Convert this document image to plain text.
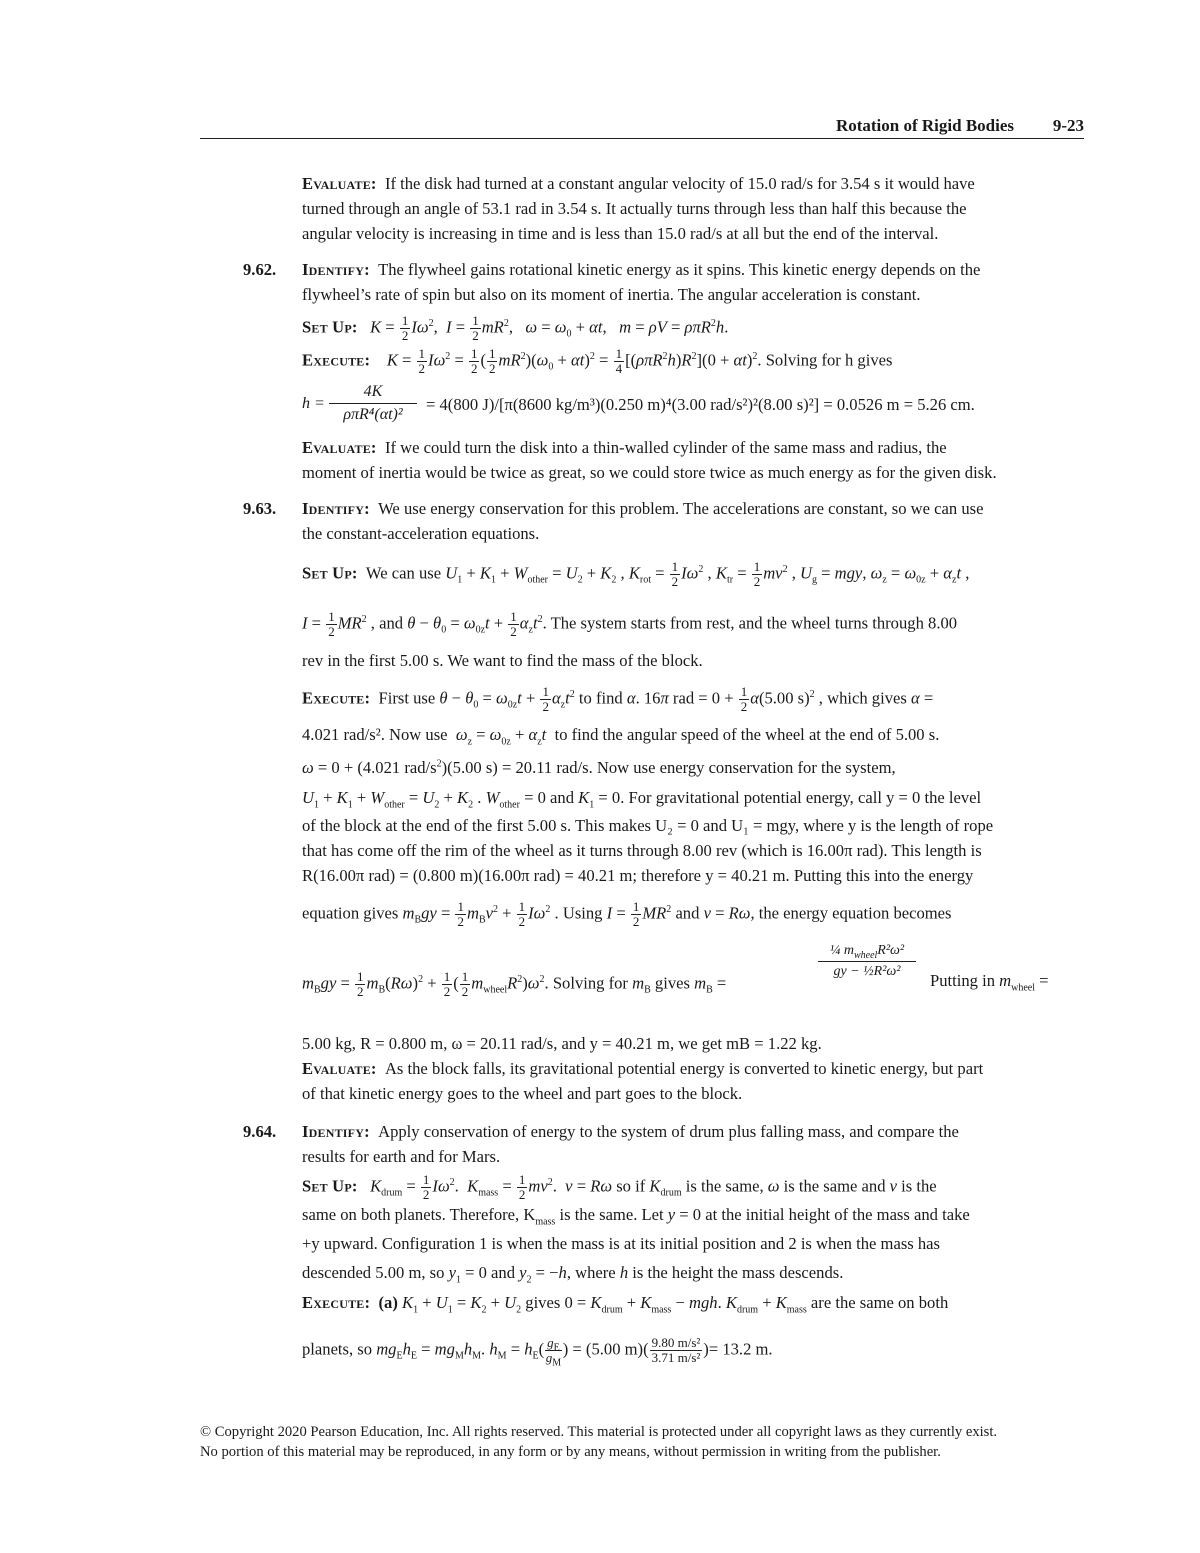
Rotation of Rigid Bodies 9-23
Evaluate: If the disk had turned at a constant angular velocity of 15.0 rad/s for 3.54 s it would have
turned through an angle of 53.1 rad in 3.54 s. It actually turns through less than half this because the
angular velocity is increasing in time and is less than 15.0 rad/s at all but the end of the interval.
9.62. Identify: The flywheel gains rotational kinetic energy as it spins. This kinetic energy depends on the
flywheel’s rate of spin but also on its moment of inertia. The angular acceleration is constant.
Set Up: $K = \frac{1}{2} I\omega^2$,  $I = \frac{1}{2} mR^2$,   $\omega = \omega_0 + \alpha t$,   m = ρV = ρπR$^2$h.
Execute: $K = \frac{1}{2} I\omega^2 = \frac{1}{2}$ ( $\frac{1}{2} mR^2)(\omega_0 + \alpha t)^2 = \frac{1}{4} [(\rho\pi R^2h)R^2](0 + \alpha t)^2$. Solving for h gives
h =
4K
ρπR⁴(αt)²
= 4(800 J)/[π(8600 kg/m³)(0.250 m)⁴(3.00 rad/s²)²(8.00 s)²] = 0.0526 m = 5.26 cm.
Evaluate: If we could turn the disk into a thin-walled cylinder of the same mass and radius, the
moment of inertia would be twice as great, so we could store twice as much energy as for the given disk.
9.63. Identify: We use energy conservation for this problem. The accelerations are constant, so we can use
the constant-acceleration equations.
Set Up: We can use $U_1 + K_1 + W_{other} = U_2 + K_2$ , $K_{rot} = \frac{1}{2} I\omega^2$ , $K_{tr} = \frac{1}{2} mv^2$ , $U_g$ = mgy, $\omega_z = \omega_{0z} + \alpha_zt$ ,
$I = \frac{1}{2} MR^2$ , and $\theta - \theta_0 = \omega_{0z}t + \frac{1}{2} \alpha_zt^2$. The system starts from rest, and the wheel turns through 8.00
rev in the first 5.00 s. We want to find the mass of the block.
Execute:  First use $\theta - \theta_0 = \omega_{0z}t + \frac{1}{2} \alpha_zt^2$ to find α. 16π rad = $0 + \frac{1}{2} \alpha(5.00$ s)$^2$ , which gives α =
4.021 rad/s². Now use $\omega_z = \omega_{0z} + \alpha_zt$ to find the angular speed of the wheel at the end of 5.00 s.
ω = 0 + (4.021 rad/$s^2)(5.00$ s) = 20.11 rad/s. Now use energy conservation for the system,
$U_1 + K_1 + W_{other} = U_2 + K_2$ . $W_{other} = 0$ and $K_1 = 0$. For gravitational potential energy, call y = 0 the level
of the block at the end of the first 5.00 s. This makes U₂ = 0 and U₁ = mgy, where y is the length of rope
that has come off the rim of the wheel as it turns through 8.00 rev (which is 16.00π rad). This length is
R(16.00π rad) = (0.800 m)(16.00π rad) = 40.21 m; therefore y = 40.21 m. Putting this into the energy
equation gives $m_Bgy = \frac{1}{2} m_Bv^2 + \frac{1}{2} I\omega^2$ . Using $I = \frac{1}{2} MR^2$ and v = Rω, the energy equation becomes
$m_Bgy = \frac{1}{2} m_B(R\omega)^2 + \frac{1}{2}$ ( $\frac{1}{2} m_{wheel}R^2)\omega^2$. Solving for $m_B$ gives $m_B$ =
¼ $m_{wheel}R^2\omega^2$
gy − ½R²ω²	Putting in $m_{wheel}$ =
5.00 kg, R = 0.800 m, ω = 20.11 rad/s, and y = 40.21 m, we get mB = 1.22 kg.
Evaluate: As the block falls, its gravitational potential energy is converted to kinetic energy, but part
of that kinetic energy goes to the wheel and part goes to the block.
9.64. Identify: Apply conservation of energy to the system of drum plus falling mass, and compare the
results for earth and for Mars.
Set Up: $K_{drum} = \frac{1}{2} I\omega^2$.  $K_{mass} = \frac{1}{2} mv^2$.  v = Rω so if $K_{drum}$ is the same, ω is the same and v is the
same on both planets. Therefore, $K_{mass}$ is the same. Let y = 0 at the initial height of the mass and take
+y upward. Configuration 1 is when the mass is at its initial position and 2 is when the mass has
descended 5.00 m, so $y_1 = 0$ and $y_2 = -h$, where h is the height the mass descends.
Execute: (a) $K_1 + U_1 = K_2 + U_2$ gives $0 = K_{drum} + K_{mass}$ − mgh. $K_{drum} + K_{mass}$ are the same on both
planets, so $mg_Eh_E = mg_Mh_M$. $h_M = h_E( \frac{g_E}{g_M}$ ) = (5.00 $m)( \frac{\text{9.80 m/s²}}{\text{3.71 m/s²}}$ )= 13.2 m.
© Copyright 2020 Pearson Education, Inc. All rights reserved. This material is protected under all copyright laws as they currently exist.
No portion of this material may be reproduced, in any form or by any means, without permission in writing from the publisher.
